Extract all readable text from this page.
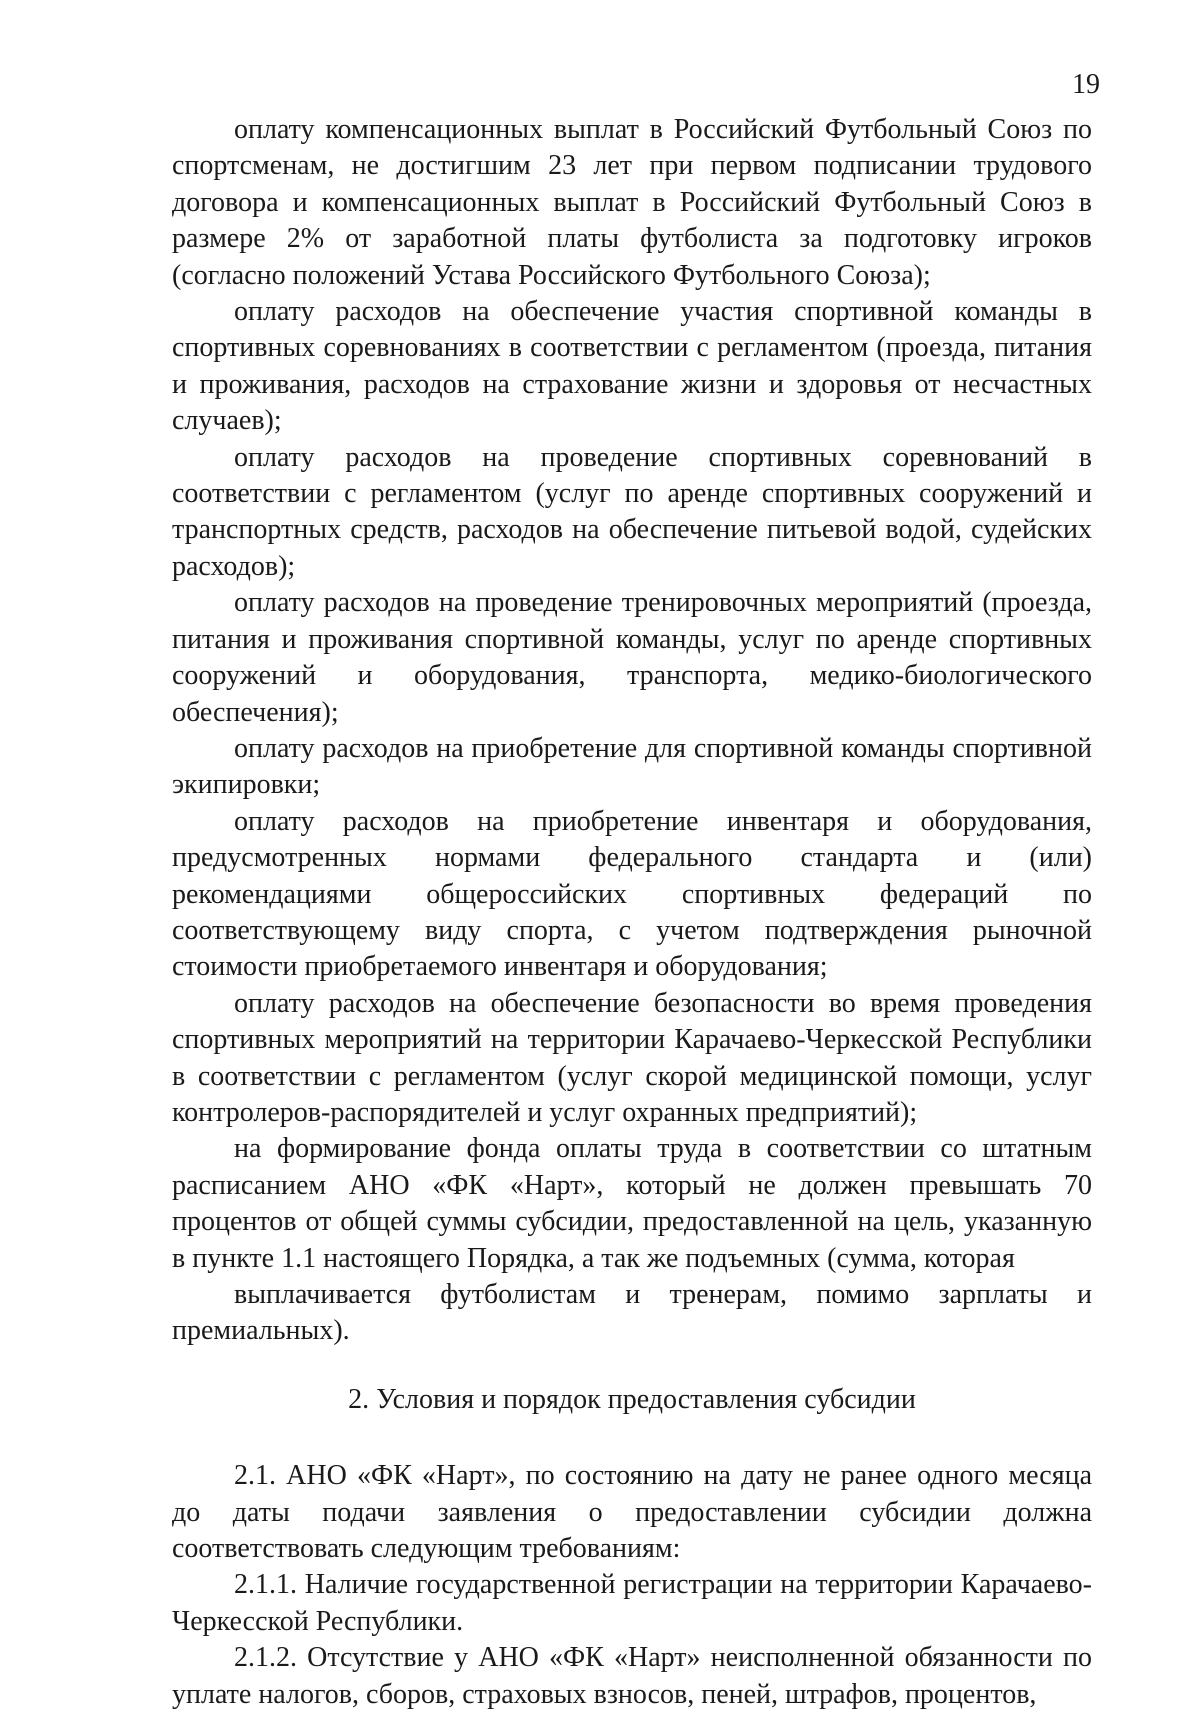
19

оплату компенсационных выплат в Российский Футбольный Союз по спортсменам, не достигшим 23 лет при первом подписании трудового договора и компенсационных выплат в Российский Футбольный Союз в размере 2% от заработной платы футболиста за подготовку игроков (согласно положений Устава Российского Футбольного Союза);

оплату расходов на обеспечение участия спортивной команды в спортивных соревнованиях в соответствии с регламентом (проезда, питания и проживания, расходов на страхование жизни и здоровья от несчастных случаев);

оплату расходов на проведение спортивных соревнований в соответствии с регламентом (услуг по аренде спортивных сооружений и транспортных средств, расходов на обеспечение питьевой водой, судейских расходов);

оплату расходов на проведение тренировочных мероприятий (проезда, питания и проживания спортивной команды, услуг по аренде спортивных сооружений и оборудования, транспорта, медико-биологического обеспечения);

оплату расходов на приобретение для спортивной команды спортивной экипировки;

оплату расходов на приобретение инвентаря и оборудования, предусмотренных нормами федерального стандарта и (или) рекомендациями общероссийских спортивных федераций по соответствующему виду спорта, с учетом подтверждения рыночной стоимости приобретаемого инвентаря и оборудования;

оплату расходов на обеспечение безопасности во время проведения спортивных мероприятий на территории Карачаево-Черкесской Республики в соответствии с регламентом (услуг скорой медицинской помощи, услуг контролеров-распорядителей и услуг охранных предприятий);

на формирование фонда оплаты труда в соответствии со штатным расписанием АНО «ФК «Нарт», который не должен превышать 70 процентов от общей суммы субсидии, предоставленной на цель, указанную в пункте 1.1 настоящего Порядка, а так же подъемных (сумма, которая

выплачивается футболистам и тренерам, помимо зарплаты и премиальных).

2. Условия и порядок предоставления субсидии

2.1. АНО «ФК «Нарт», по состоянию на дату не ранее одного месяца до даты подачи заявления о предоставлении субсидии должна соответствовать следующим требованиям:

2.1.1. Наличие государственной регистрации на территории Карачаево-Черкесской Республики.

2.1.2. Отсутствие у АНО «ФК «Нарт» неисполненной обязанности по уплате налогов, сборов, страховых взносов, пеней, штрафов, процентов,
